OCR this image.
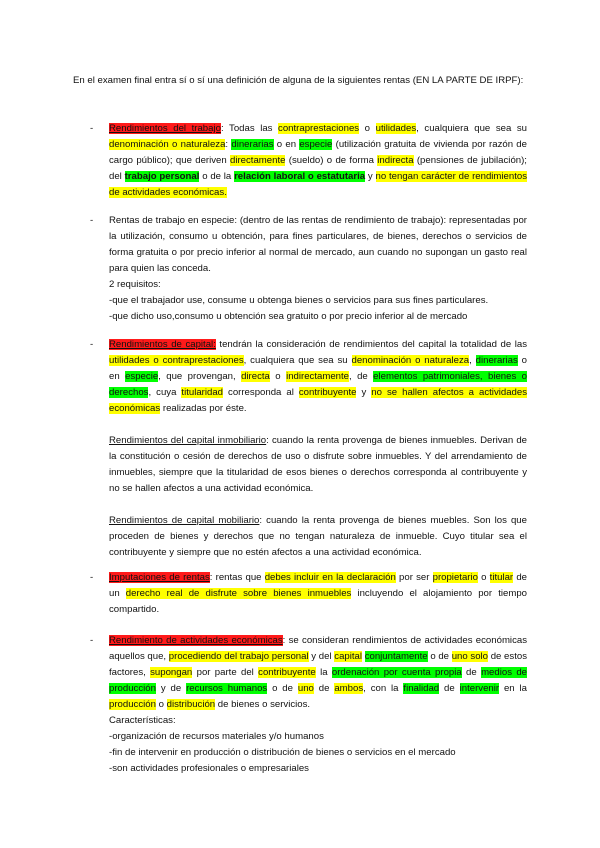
En el examen final entra sí o sí una definición de alguna de la siguientes rentas (EN LA PARTE DE IRPF):
-	Rendimientos del trabajo: Todas las contraprestaciones o utilidades, cualquiera que sea su denominación o naturaleza: dinerarias o en especie (utilización gratuita de vivienda por razón de cargo público); que deriven directamente (sueldo) o de forma indirecta (pensiones de jubilación); del trabajo personal o de la relación laboral o estatutaria y no tengan carácter de rendimientos de actividades económicas.
-	Rentas de trabajo en especie: (dentro de las rentas de rendimiento de trabajo): representadas por la utilización, consumo u obtención, para fines particulares, de bienes, derechos o servicios de forma gratuita o por precio inferior al normal de mercado, aun cuando no supongan un gasto real para quien las conceda.
2 requisitos:
-que el trabajador use, consume u obtenga bienes o servicios para sus fines particulares.
-que dicho uso,consumo u obtención sea gratuito o por precio inferior al de mercado
-	Rendimientos de capital: tendrán la consideración de rendimientos del capital la totalidad de las utilidades o contraprestaciones, cualquiera que sea su denominación o naturaleza, dinerarias o en especie, que provengan, directa o indirectamente, de elementos patrimoniales, bienes o derechos, cuya titularidad corresponda al contribuyente y no se hallen afectos a actividades económicas realizadas por éste.
Rendimientos del capital inmobiliario: cuando la renta provenga de bienes inmuebles. Derivan de la constitución o cesión de derechos de uso o disfrute sobre inmuebles. Y del arrendamiento de inmuebles, siempre que la titularidad de esos bienes o derechos corresponda al contribuyente y no se hallen afectos a una actividad económica.
Rendimientos de capital mobiliario: cuando la renta provenga de bienes muebles. Son los que proceden de bienes y derechos que no tengan naturaleza de inmueble. Cuyo titular sea el contribuyente y siempre que no estén afectos a una actividad económica.
-	Imputaciones de rentas: rentas que debes incluir en la declaración por ser propietario o titular de un derecho real de disfrute sobre bienes inmuebles incluyendo el alojamiento por tiempo compartido.
-	Rendimiento de actividades económicas: se consideran rendimientos de actividades económicas aquellos que, procediendo del trabajo personal y del capital conjuntamente o de uno solo de estos factores, supongan por parte del contribuyente la ordenación por cuenta propia de medios de producción y de recursos humanos o de uno de ambos, con la finalidad de intervenir en la producción o distribución de bienes o servicios.
Características:
-organización de recursos materiales y/o humanos
-fin de intervenir en producción o distribución de bienes o servicios en el mercado
-son actividades profesionales o empresariales
